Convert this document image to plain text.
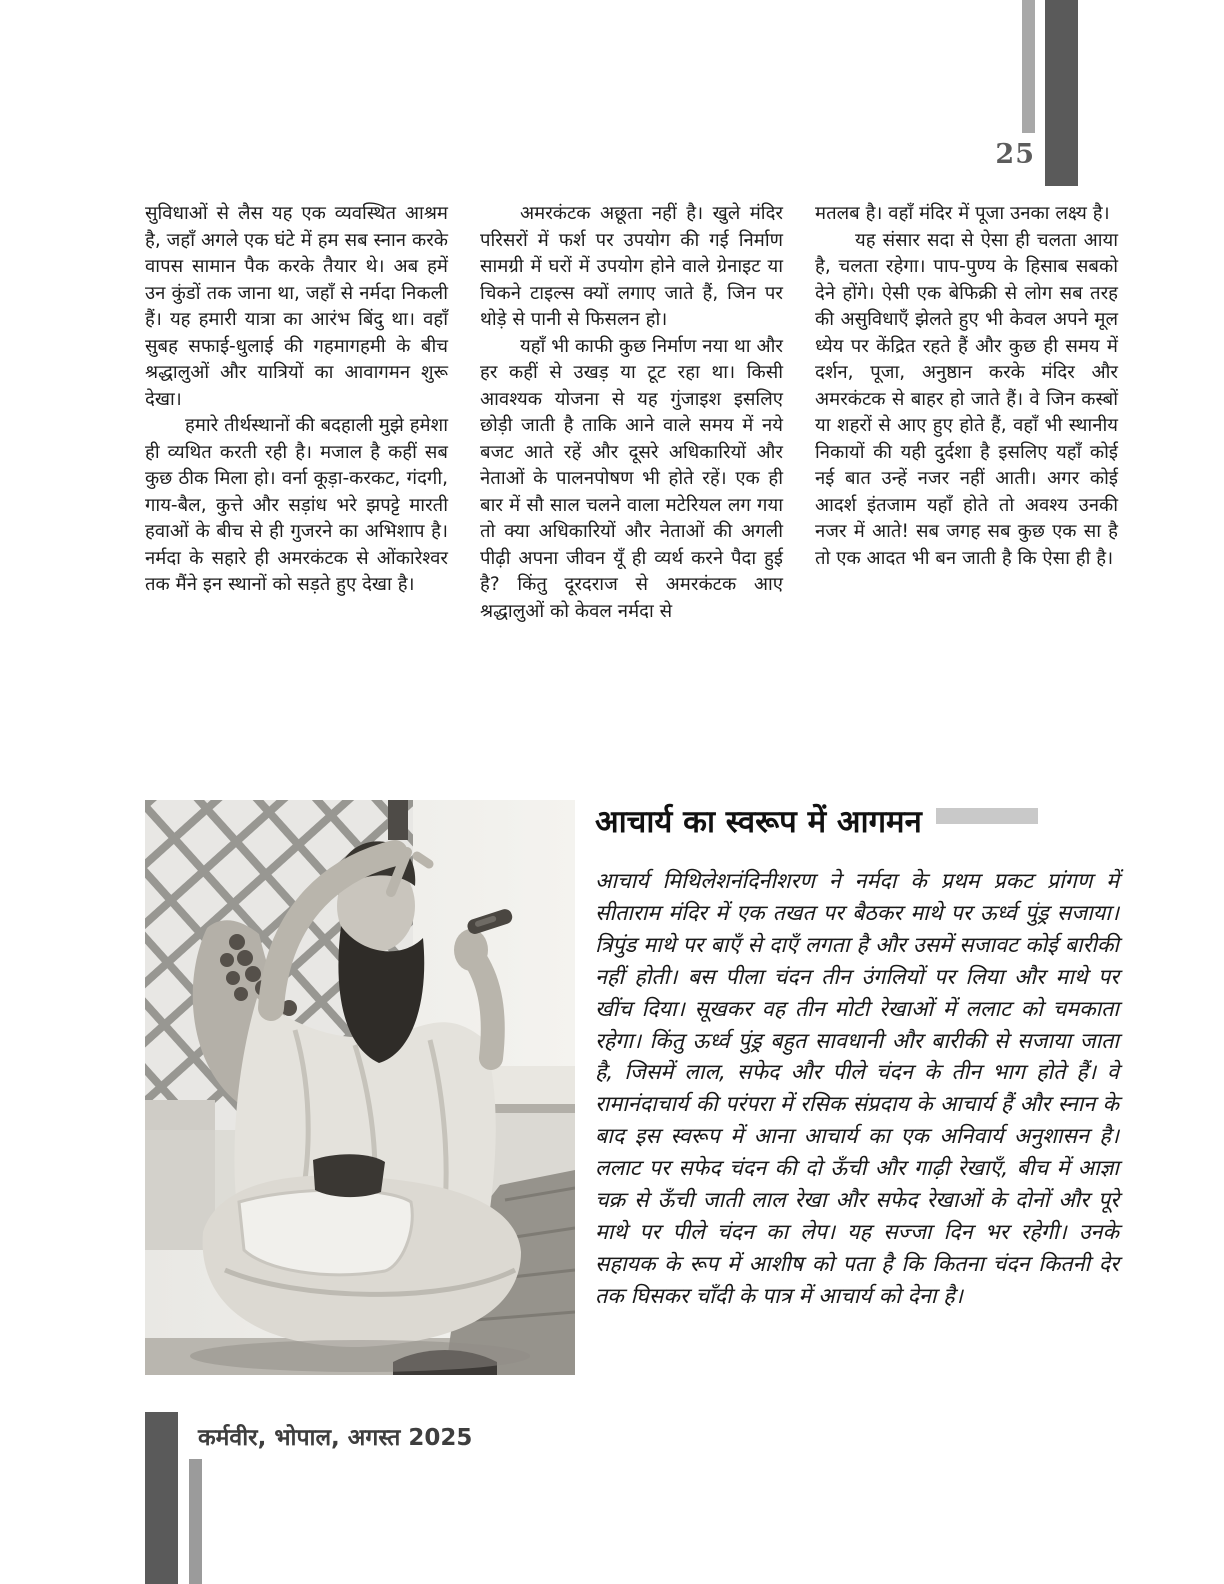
25

सुविधाओं से लैस यह एक व्यवस्थित आश्रम है, जहाँ अगले एक घंटे में हम सब स्नान करके वापस सामान पैक करके तैयार थे। अब हमें उन कुंडों तक जाना था, जहाँ से नर्मदा निकली हैं। यह हमारी यात्रा का आरंभ बिंदु था। वहाँ सुबह सफाई-धुलाई की गहमागहमी के बीच श्रद्धालुओं और यात्रियों का आवागमन शुरू देखा।

हमारे तीर्थस्थानों की बदहाली मुझे हमेशा ही व्यथित करती रही है। मजाल है कहीं सब कुछ ठीक मिला हो। वर्ना कूड़ा-करकट, गंदगी, गाय-बैल, कुत्ते और सड़ांध भरे झपट्टे मारती हवाओं के बीच से ही गुजरने का अभिशाप है। नर्मदा के सहारे ही अमरकंटक से ओंकारेश्वर तक मैंने इन स्थानों को सड़ते हुए देखा है।

अमरकंटक अछूता नहीं है। खुले मंदिर परिसरों में फर्श पर उपयोग की गई निर्माण सामग्री में घरों में उपयोग होने वाले ग्रेनाइट या चिकने टाइल्स क्यों लगाए जाते हैं, जिन पर थोड़े से पानी से फिसलन हो।

यहाँ भी काफी कुछ निर्माण नया था और हर कहीं से उखड़ या टूट रहा था। किसी आवश्यक योजना से यह गुंजाइश इसलिए छोड़ी जाती है ताकि आने वाले समय में नये बजट आते रहें और दूसरे अधिकारियों और नेताओं के पालनपोषण भी होते रहें। एक ही बार में सौ साल चलने वाला मटेरियल लग गया तो क्या अधिकारियों और नेताओं की अगली पीढ़ी अपना जीवन यूँ ही व्यर्थ करने पैदा हुई है? किंतु दूरदराज से अमरकंटक आए श्रद्धालुओं को केवल नर्मदा से

मतलब है। वहाँ मंदिर में पूजा उनका लक्ष्य है।

यह संसार सदा से ऐसा ही चलता आया है, चलता रहेगा। पाप-पुण्य के हिसाब सबको देने होंगे। ऐसी एक बेफिक्री से लोग सब तरह की असुविधाएँ झेलते हुए भी केवल अपने मूल ध्येय पर केंद्रित रहते हैं और कुछ ही समय में दर्शन, पूजा, अनुष्ठान करके मंदिर और अमरकंटक से बाहर हो जाते हैं। वे जिन कस्बों या शहरों से आए हुए होते हैं, वहाँ भी स्थानीय निकायों की यही दुर्दशा है इसलिए यहाँ कोई नई बात उन्हें नजर नहीं आती। अगर कोई आदर्श इंतजाम यहाँ होते तो अवश्य उनकी नजर में आते! सब जगह सब कुछ एक सा है तो एक आदत भी बन जाती है कि ऐसा ही है।

आचार्य का स्वरूप में आगमन
आचार्य मिथिलेशनंदिनीशरण ने नर्मदा के प्रथम प्रकट प्रांगण में सीताराम मंदिर में एक तखत पर बैठकर माथे पर ऊर्ध्व पुंड्र सजाया। त्रिपुंड माथे पर बाएँ से दाएँ लगता है और उसमें सजावट कोई बारीकी नहीं होती। बस पीला चंदन तीन उंगलियों पर लिया और माथे पर खींच दिया। सूखकर वह तीन मोटी रेखाओं में ललाट को चमकाता रहेगा। किंतु ऊर्ध्व पुंड्र बहुत सावधानी और बारीकी से सजाया जाता है, जिसमें लाल, सफेद और पीले चंदन के तीन भाग होते हैं। वे रामानंदाचार्य की परंपरा में रसिक संप्रदाय के आचार्य हैं और स्नान के बाद इस स्वरूप में आना आचार्य का एक अनिवार्य अनुशासन है। ललाट पर सफेद चंदन की दो ऊँची और गाढ़ी रेखाएँ, बीच में आज्ञा चक्र से ऊँची जाती लाल रेखा और सफेद रेखाओं के दोनों और पूरे माथे पर पीले चंदन का लेप। यह सज्जा दिन भर रहेगी। उनके सहायक के रूप में आशीष को पता है कि कितना चंदन कितनी देर तक घिसकर चाँदी के पात्र में आचार्य को देना है।
कर्मवीर, भोपाल, अगस्त 2025
